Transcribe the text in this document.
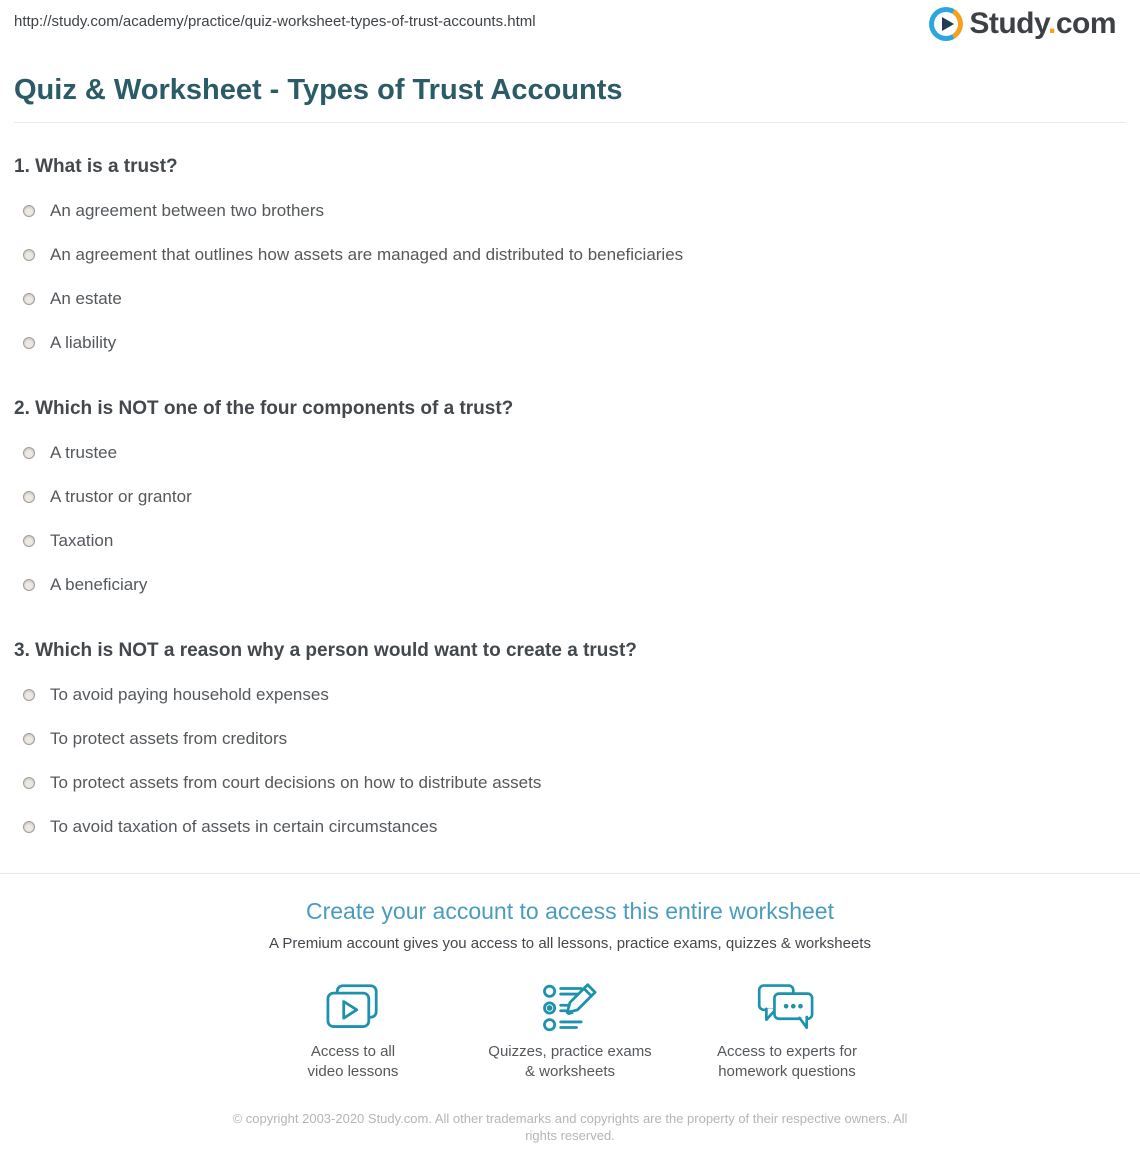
http://study.com/academy/practice/quiz-worksheet-types-of-trust-accounts.html	Study.com
Quiz & Worksheet - Types of Trust Accounts
1. What is a trust?
An agreement between two brothers
An agreement that outlines how assets are managed and distributed to beneficiaries
An estate
A liability
2. Which is NOT one of the four components of a trust?
A trustee
A trustor or grantor
Taxation
A beneficiary
3. Which is NOT a reason why a person would want to create a trust?
To avoid paying household expenses
To protect assets from creditors
To protect assets from court decisions on how to distribute assets
To avoid taxation of assets in certain circumstances
Create your account to access this entire worksheet
A Premium account gives you access to all lessons, practice exams, quizzes & worksheets
Access to all
video lessons
Quizzes, practice exams
& worksheets
Access to experts for
homework questions
© copyright 2003-2020 Study.com. All other trademarks and copyrights are the property of their respective owners. All rights reserved.
